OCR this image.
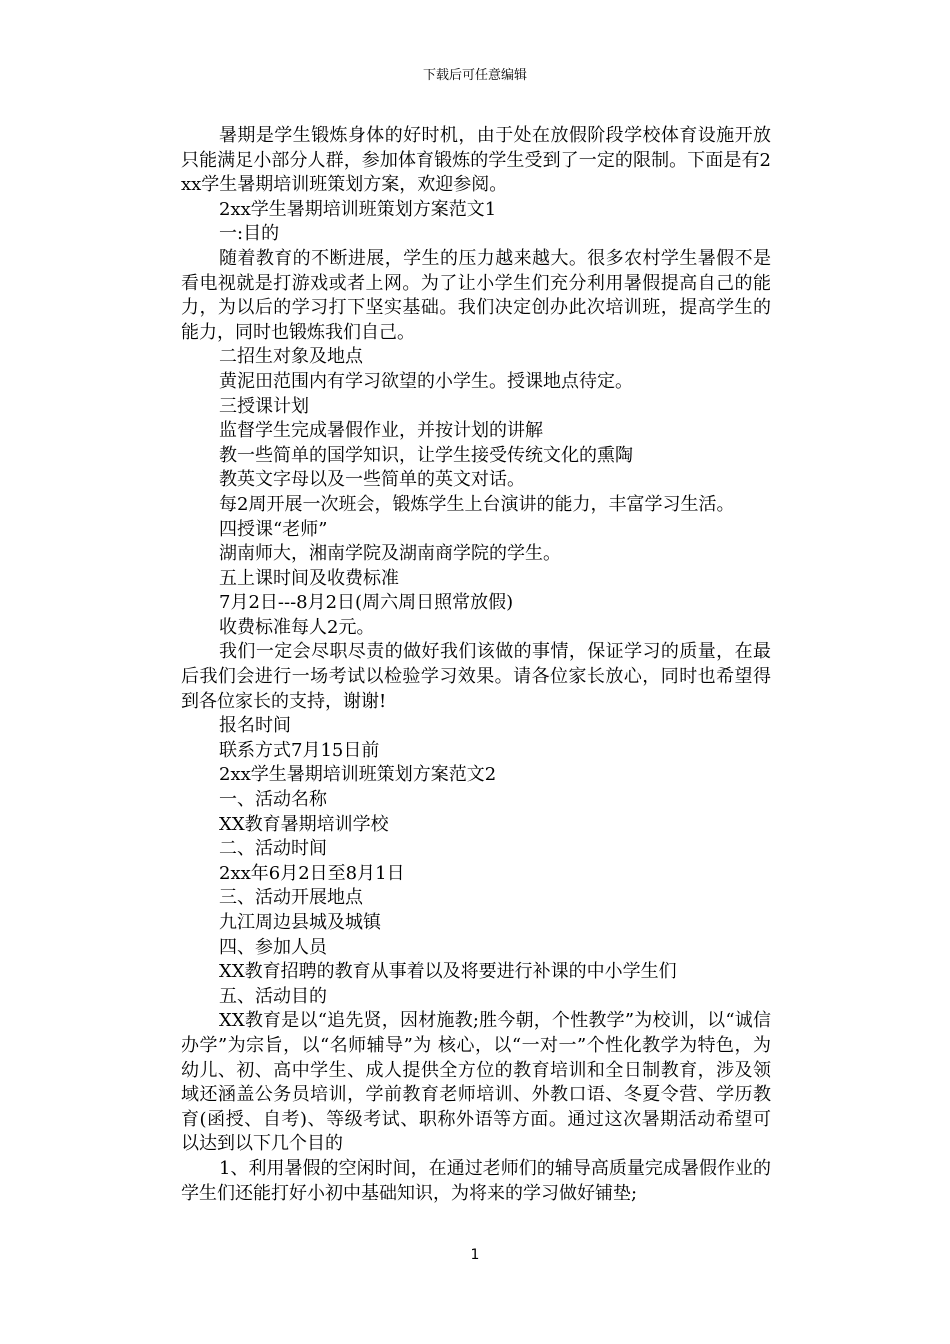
下载后可任意编辑

暑期是学生锻炼身体的好时机，由于处在放假阶段学校体育设施开放只能满足小部分人群，参加体育锻炼的学生受到了一定的限制。下面是有2xx学生暑期培训班策划方案，欢迎参阅。

2xx学生暑期培训班策划方案范文1

一:目的

随着教育的不断进展，学生的压力越来越大。很多农村学生暑假不是看电视就是打游戏或者上网。为了让小学生们充分利用暑假提高自己的能力，为以后的学习打下坚实基础。我们决定创办此次培训班，提高学生的能力，同时也锻炼我们自己。

二招生对象及地点

黄泥田范围内有学习欲望的小学生。授课地点待定。

三授课计划

监督学生完成暑假作业，并按计划的讲解

教一些简单的国学知识，让学生接受传统文化的熏陶

教英文字母以及一些简单的英文对话。

每2周开展一次班会，锻炼学生上台演讲的能力，丰富学习生活。

四授课“老师”

湖南师大，湘南学院及湖南商学院的学生。

五上课时间及收费标准

7月2日---8月2日(周六周日照常放假)

收费标准每人2元。

我们一定会尽职尽责的做好我们该做的事情，保证学习的质量，在最后我们会进行一场考试以检验学习效果。请各位家长放心，同时也希望得到各位家长的支持，谢谢!

报名时间

联系方式7月15日前

2xx学生暑期培训班策划方案范文2

一、活动名称

XX教育暑期培训学校

二、活动时间

2xx年6月2日至8月1日

三、活动开展地点

九江周边县城及城镇

四、参加人员

XX教育招聘的教育从事着以及将要进行补课的中小学生们

五、活动目的

XX教育是以“追先贤，因材施教;胜今朝，个性教学”为校训，以“诚信办学”为宗旨，以“名师辅导”为 核心，以“一对一”个性化教学为特色，为幼儿、初、高中学生、成人提供全方位的教育培训和全日制教育，涉及领域还涵盖公务员培训，学前教育老师培训、外教口语、冬夏令营、学历教育(函授、自考)、等级考试、职称外语等方面。通过这次暑期活动希望可以达到以下几个目的

1、利用暑假的空闲时间，在通过老师们的辅导高质量完成暑假作业的学生们还能打好小初中基础知识，为将来的学习做好铺垫;

1
